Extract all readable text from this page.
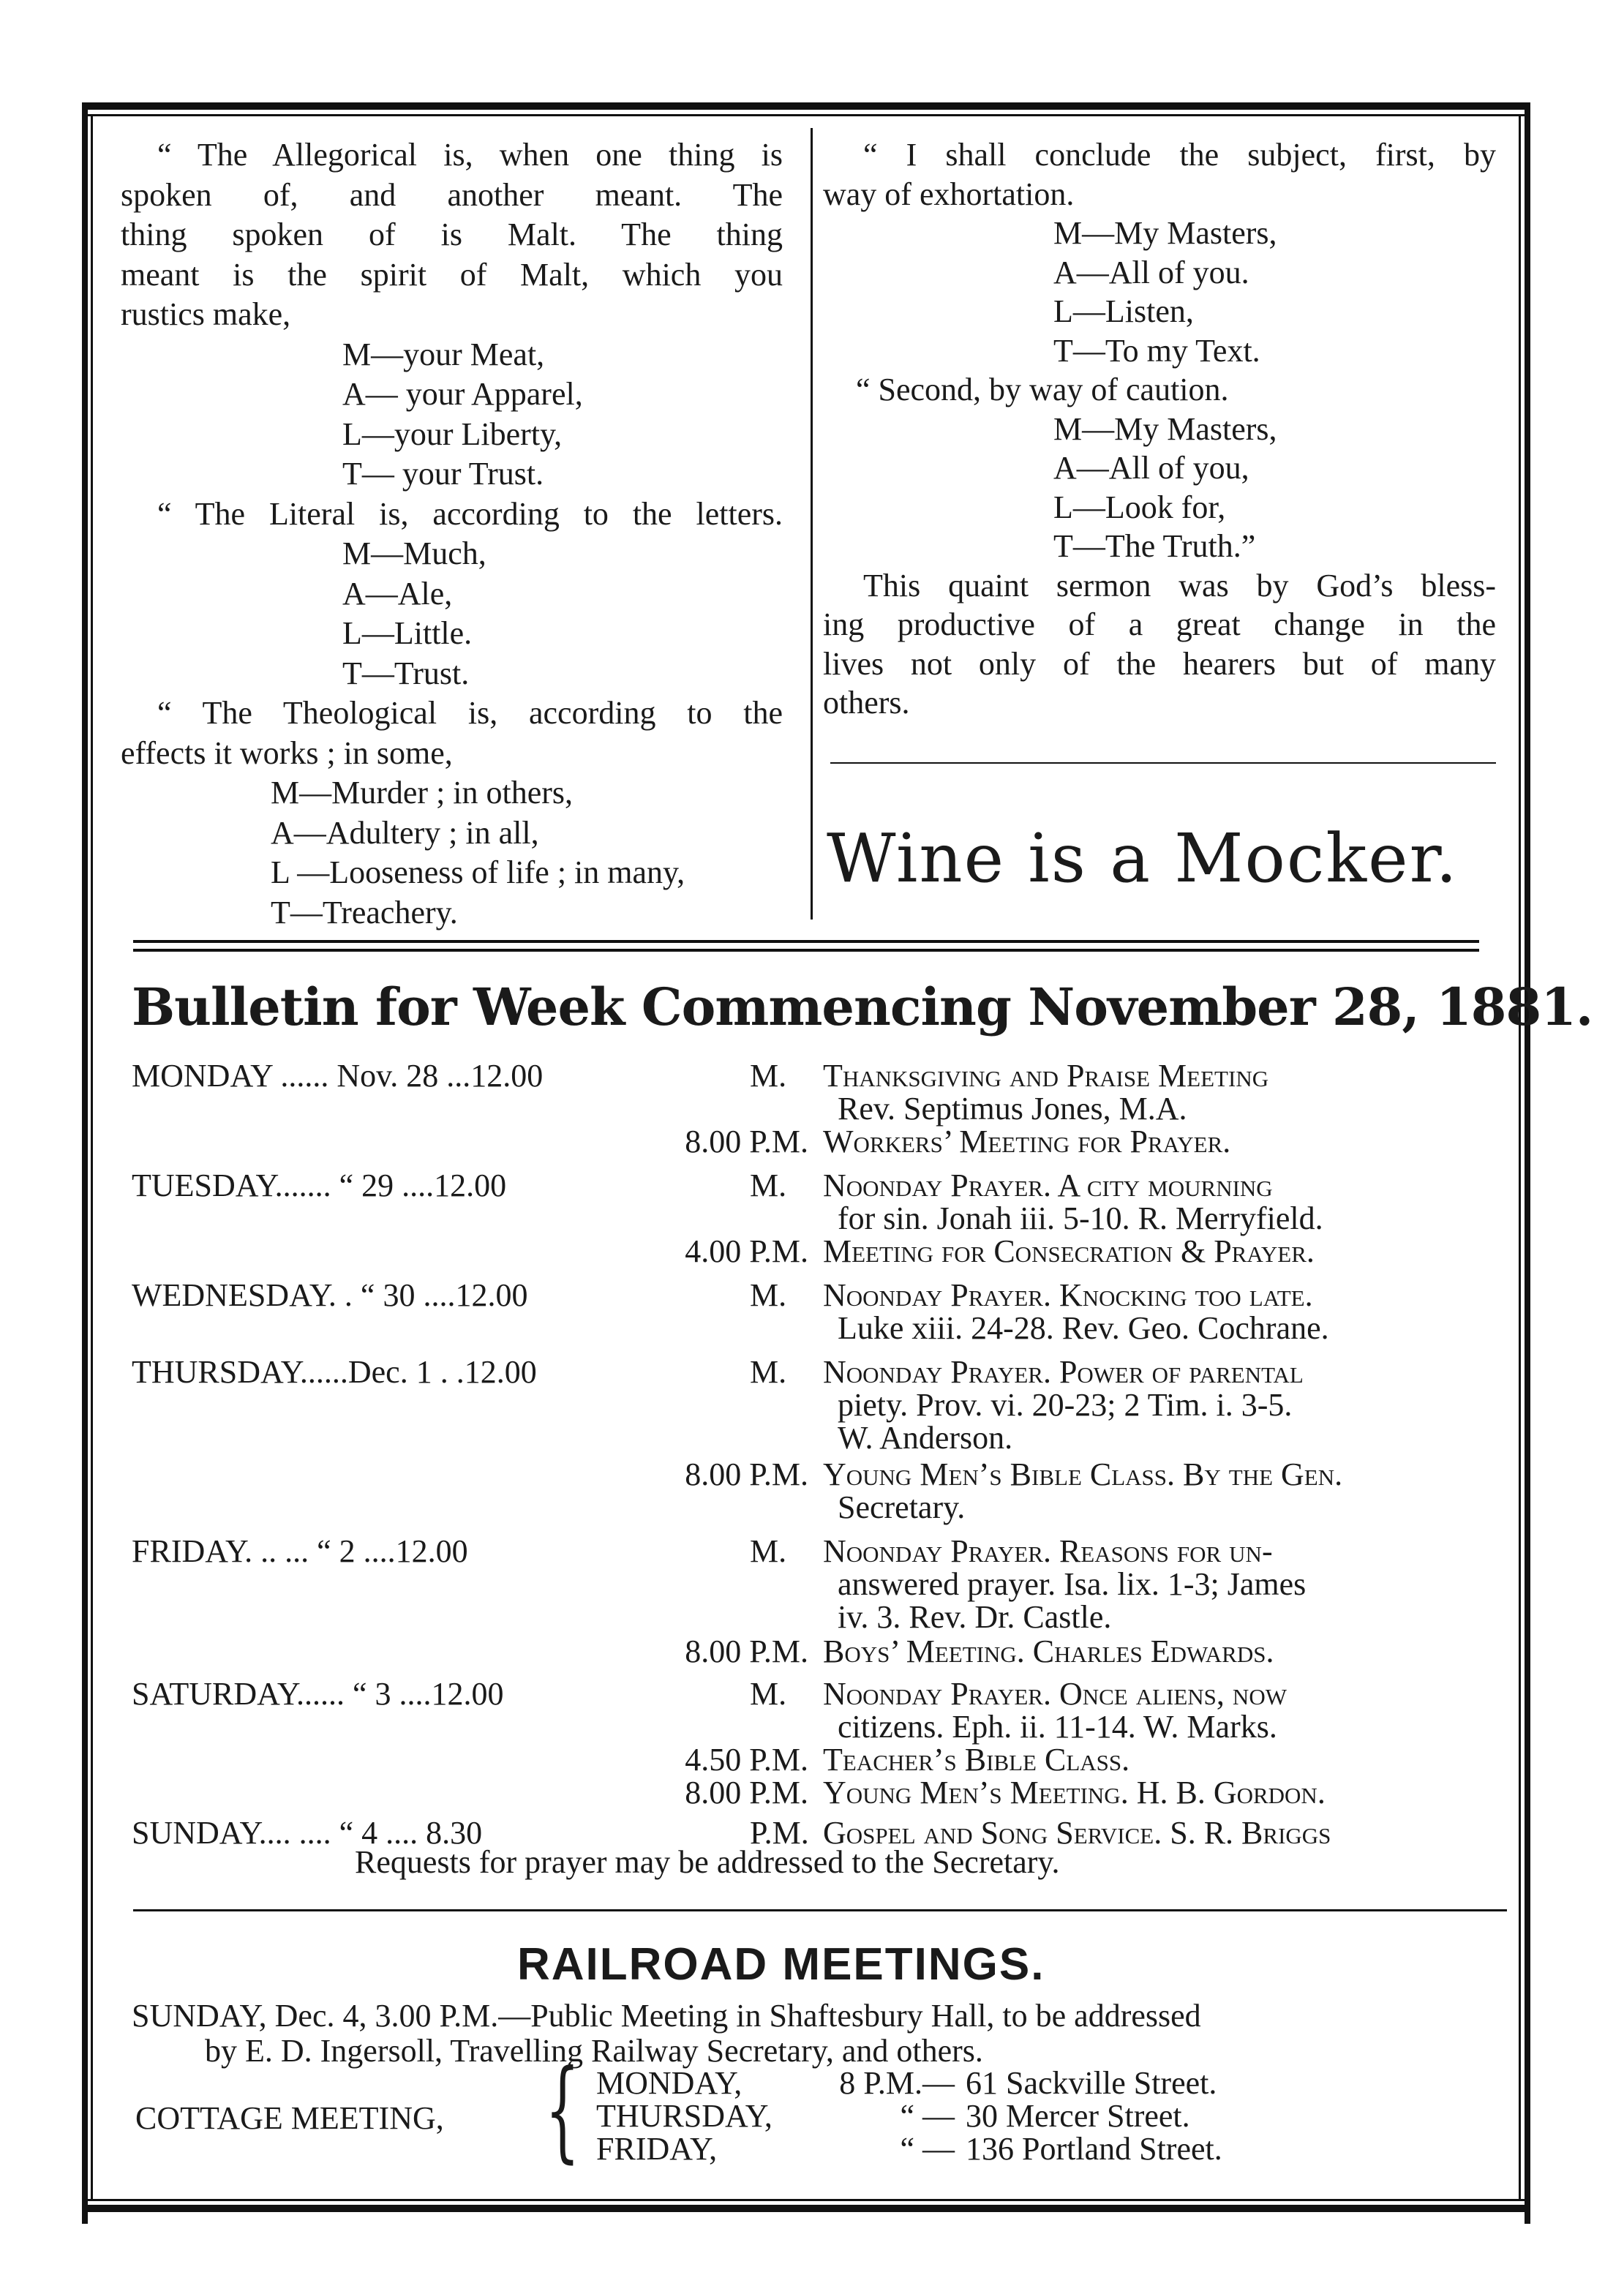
“ The Allegorical is, when one thing is
spoken of, and another meant. The
thing spoken of is Malt. The thing
meant is the spirit of Malt, which you
rustics make,
M—your Meat,
A— your Apparel,
L—your Liberty,
T— your Trust.
“ The Literal is, according to the letters.
M—Much,
A—Ale,
L—Little.
T—Trust.
“ The Theological is, according to the
effects it works ; in some,
M—Murder ; in others,
A—Adultery ; in all,
L —Looseness of life ; in many,
T—Treachery.
“ I shall conclude the subject, first, by
way of exhortation.
M—My Masters,
A—All of you.
L—Listen,
T—To my Text.
“ Second, by way of caution.
M—My Masters,
A—All of you,
L—Look for,
T—The Truth.”
This quaint sermon was by God’s bless-
ing productive of a great change in the
lives not only of the hearers but of many
others.
Wine is a Mocker.
Bulletin for Week Commencing November 28, 1881.
MONDAY ...... Nov. 28 ...12.00	M. Thanksgiving and Praise Meeting
Rev. Septimus Jones, M.A.
8.00 P.M. Workers’ Meeting for Prayer.
TUESDAY....... “ 29 ....12.00	M. Noonday Prayer. A city mourning
for sin. Jonah iii. 5-10. R. Merryfield.
4.00 P.M. Meeting for Consecration & Prayer.
WEDNESDAY. . “ 30 ....12.00	M. Noonday Prayer. Knocking too late.
Luke xiii. 24-28. Rev. Geo. Cochrane.
THURSDAY......Dec. 1 . .12.00	M. Noonday Prayer. Power of parental
piety. Prov. vi. 20-23; 2 Tim. i. 3-5.
W. Anderson.
8.00 P.M. Young Men’s Bible Class. By the Gen.
Secretary.
FRIDAY. .. ... “ 2 ....12.00	M. Noonday Prayer. Reasons for un-
answered prayer. Isa. lix. 1-3; James
iv. 3. Rev. Dr. Castle.
8.00 P.M. Boys’ Meeting. Charles Edwards.
SATURDAY...... “ 3 ....12.00	M. Noonday Prayer. Once aliens, now
citizens. Eph. ii. 11-14. W. Marks.
4.50 P.M. Teacher’s Bible Class.
8.00 P.M. Young Men’s Meeting. H. B. Gordon.
SUNDAY.... .... “ 4 .... 8.30	P.M. Gospel and Song Service. S. R. Briggs
Requests for prayer may be addressed to the Secretary.
RAILROAD MEETINGS.
SUNDAY, Dec. 4, 3.00 P.M.—Public Meeting in Shaftesbury Hall, to be addressed
by E. D. Ingersoll, Travelling Railway Secretary, and others.
COTTAGE MEETING, { MONDAY,	8 P.M.— 61 Sackville Street.
THURSDAY,	“ — 30 Mercer Street.
FRIDAY,	“ — 136 Portland Street.
